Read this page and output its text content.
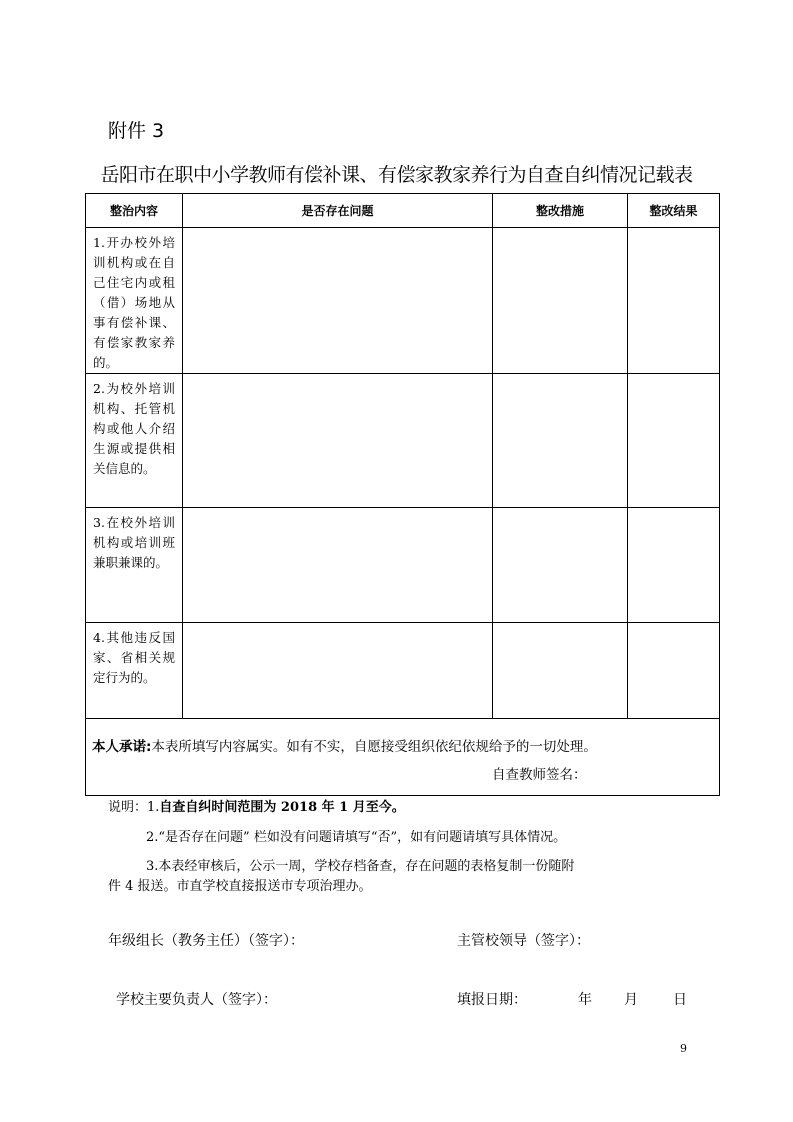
附件 3
岳阳市在职中小学教师有偿补课、有偿家教家养行为自查自纠情况记载表
整治内容	是否存在问题	整改措施	整改结果

1.开办校外培训机构或在自己住宅内或租（借）场地从事有偿补课、有偿家教家养的。			

2.为校外培训机构、托管机构或他人介绍生源或提供相关信息的。			

3.在校外培训机构或培训班兼职兼课的。			

4.其他违反国家、省相关规定行为的。			

本人承诺:本表所填写内容属实。如有不实，自愿接受组织依纪依规给予的一切处理。
自查教师签名：			
说明：1.自查自纠时间范围为 2018 年 1 月至今。
2.“是否存在问题” 栏如没有问题请填写“否”，如有问题请填写具体情况。
3.本表经审核后，公示一周，学校存档备查，存在问题的表格复制一份随附
件 4 报送。市直学校直接报送市专项治理办。
年级组长（教务主任）（签字）：	主管校领导（签字）：
学校主要负责人（签字）：	填报日期：	年 月	日
9
